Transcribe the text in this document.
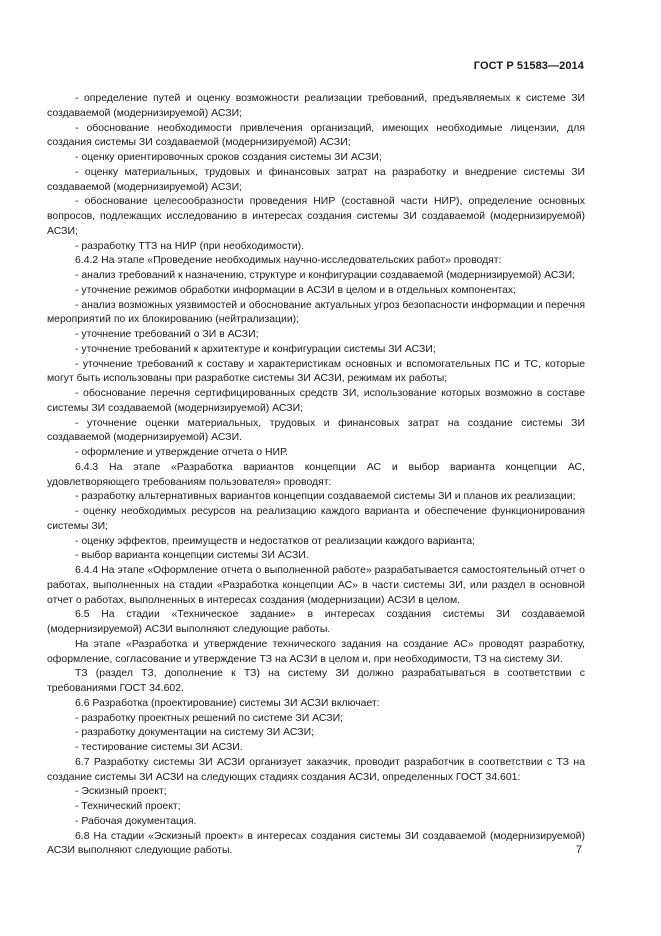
ГОСТ Р 51583—2014

- определение путей и оценку возможности реализации требований, предъявляемых к системе ЗИ создаваемой (модернизируемой) АСЗИ;

- обоснование необходимости привлечения организаций, имеющих необходимые лицензии, для создания системы ЗИ создаваемой (модернизируемой) АСЗИ;

- оценку ориентировочных сроков создания системы ЗИ АСЗИ;

- оценку материальных, трудовых и финансовых затрат на разработку и внедрение системы ЗИ создаваемой (модернизируемой) АСЗИ;

- обоснование целесообразности проведения НИР (составной части НИР), определение основных вопросов, подлежащих исследованию в интересах создания системы ЗИ создаваемой (модернизируемой) АСЗИ;

- разработку ТТЗ на НИР (при необходимости).

6.4.2 На этапе «Проведение необходимых научно-исследовательских работ» проводят:

- анализ требований к назначению, структуре и конфигурации создаваемой (модернизируемой) АСЗИ;

- уточнение режимов обработки информации в АСЗИ в целом и в отдельных компонентах;

- анализ возможных уязвимостей и обоснование актуальных угроз безопасности информации и перечня мероприятий по их блокированию (нейтрализации);

- уточнение требований о ЗИ в АСЗИ;

- уточнение требований к архитектуре и конфигурации системы ЗИ АСЗИ;

- уточнение требований к составу и характеристикам основных и вспомогательных ПС и ТС, которые могут быть использованы при разработке системы ЗИ АСЗИ, режимам их работы;

- обоснование перечня сертифицированных средств ЗИ, использование которых возможно в составе системы ЗИ создаваемой (модернизируемой) АСЗИ;

- уточнение оценки материальных, трудовых и финансовых затрат на создание системы ЗИ создаваемой (модернизируемой) АСЗИ.

- оформление и утверждение отчета о НИР.

6.4.3 На этапе «Разработка вариантов концепции АС и выбор варианта концепции АС, удовлетворяющего требованиям пользователя» проводят:

- разработку альтернативных вариантов концепции создаваемой системы ЗИ и планов их реализации;

- оценку необходимых ресурсов на реализацию каждого варианта и обеспечение функционирования системы ЗИ;

- оценку эффектов, преимуществ и недостатков от реализации каждого варианта;

- выбор варианта концепции системы ЗИ АСЗИ.

6.4.4 На этапе «Оформление отчета о выполненной работе» разрабатывается самостоятельный отчет о работах, выполненных на стадии «Разработка концепции АС» в части системы ЗИ, или раздел в основной отчет о работах, выполненных в интересах создания (модернизации) АСЗИ в целом.

6.5 На стадии «Техническое задание» в интересах создания системы ЗИ создаваемой (модернизируемой) АСЗИ выполняют следующие работы.

На этапе «Разработка и утверждение технического задания на создание АС» проводят разработку, оформление, согласование и утверждение ТЗ на АСЗИ в целом и, при необходимости, ТЗ на систему ЗИ.

ТЗ (раздел ТЗ, дополнение к ТЗ) на систему ЗИ должно разрабатываться в соответствии с требованиями ГОСТ 34.602.

6.6 Разработка (проектирование) системы ЗИ АСЗИ включает:

- разработку проектных решений по системе ЗИ АСЗИ;

- разработку документации на систему ЗИ АСЗИ;

- тестирование системы ЗИ АСЗИ.

6.7 Разработку системы ЗИ АСЗИ организует заказчик, проводит разработчик в соответствии с ТЗ на создание системы ЗИ АСЗИ на следующих стадиях создания АСЗИ, определенных ГОСТ 34.601:

- Эскизный проект;

- Технический проект;

- Рабочая документация.

6.8 На стадии «Эскизный проект» в интересах создания системы ЗИ создаваемой (модернизируемой) АСЗИ выполняют следующие работы.	7
